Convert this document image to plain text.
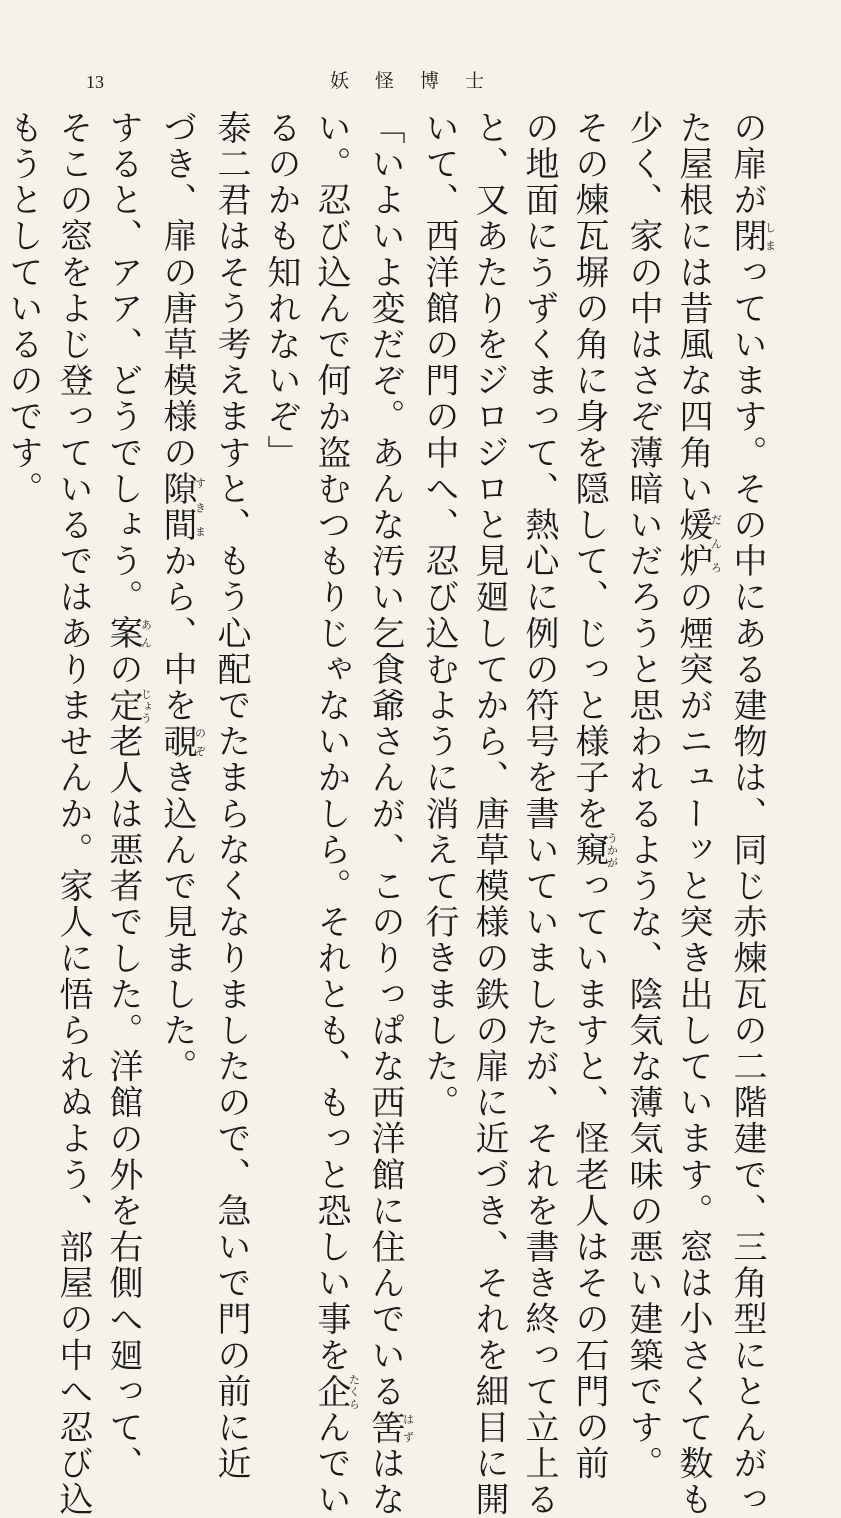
13	妖怪博士

の扉が閉しまっています。その中にある建物は、同じ赤煉瓦の二階建で、三角型にとんがっ

た屋根には昔風な四角い煖炉だんろの煙突がニューッと突き出しています。窓は小さくて数も

少く、家の中はさぞ薄暗いだろうと思われるような、陰気な薄気味の悪い建築です。

その煉瓦塀の角に身を隠して、じっと様子を窺うかがっていますと、怪老人はその石門の前

の地面にうずくまって、熱心に例の符号を書いていましたが、それを書き終って立上る

と、又あたりをジロジロと見廻してから、唐草模様の鉄の扉に近づき、それを細目に開

いて、西洋館の門の中へ、忍び込むように消えて行きました。

「いよいよ変だぞ。あんな汚い乞食爺さんが、このりっぱな西洋館に住んでいる筈はずはな

い。忍び込んで何か盗むつもりじゃないかしら。それとも、もっと恐しい事を企たくらんでい

るのかも知れないぞ」

泰二君はそう考えますと、もう心配でたまらなくなりましたので、急いで門の前に近

づき、扉の唐草模様の隙間すきまから、中を覗のぞき込んで見ました。

すると、アア、どうでしょう。案あんの定じょう老人は悪者でした。洋館の外を右側へ廻って、

そこの窓をよじ登っているではありませんか。家人に悟られぬよう、部屋の中へ忍び込

もうとしているのです。
